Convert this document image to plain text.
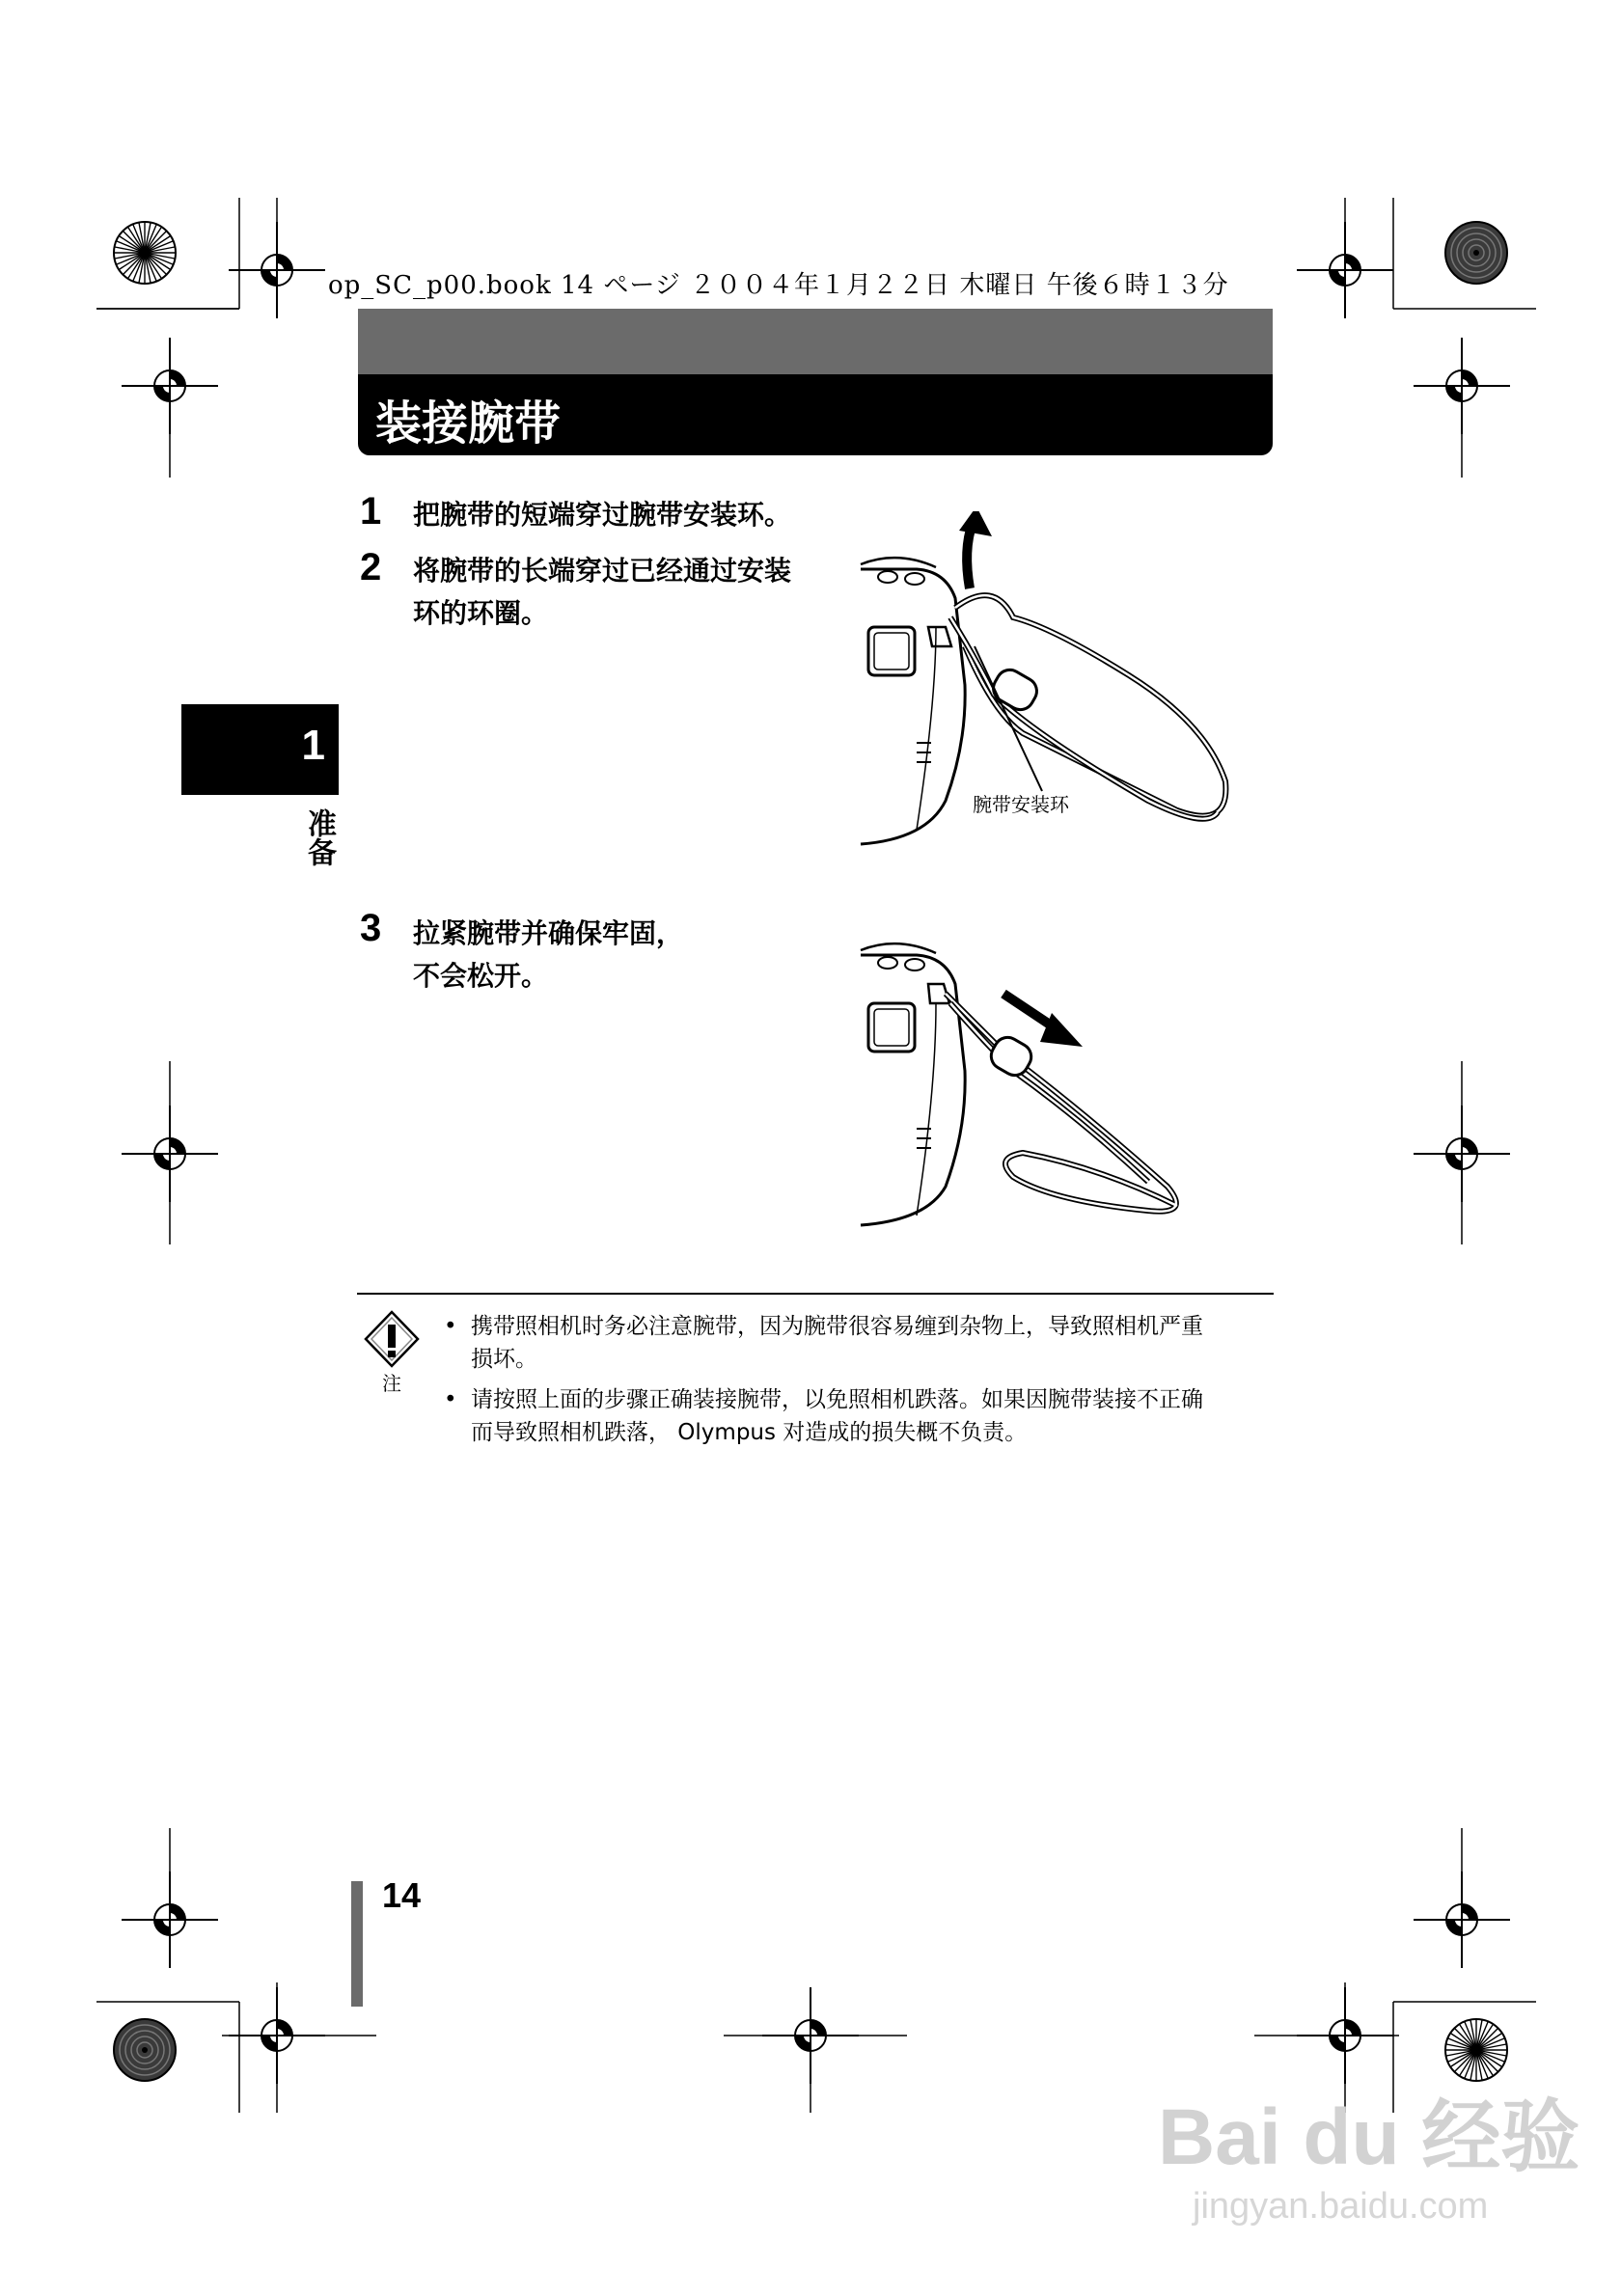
op_SC_p00.book 14 ページ ２００４年１月２２日 木曜日 午後６時１３分
装接腕带
1
准备
1 把腕带的短端穿过腕带安装环。
2 将腕带的长端穿过已经通过安装
环的环圈。
3 拉紧腕带并确保牢固，
不会松开。
腕带安装环
注
• 携带照相机时务必注意腕带，因为腕带很容易缠到杂物上，导致照相机严重
损坏。
• 请按照上面的步骤正确装接腕带，以免照相机跌落。如果因腕带装接不正确
而导致照相机跌落， Olympus 对造成的损失概不负责。
14
Bai du 经验
jingyan.baidu.com
